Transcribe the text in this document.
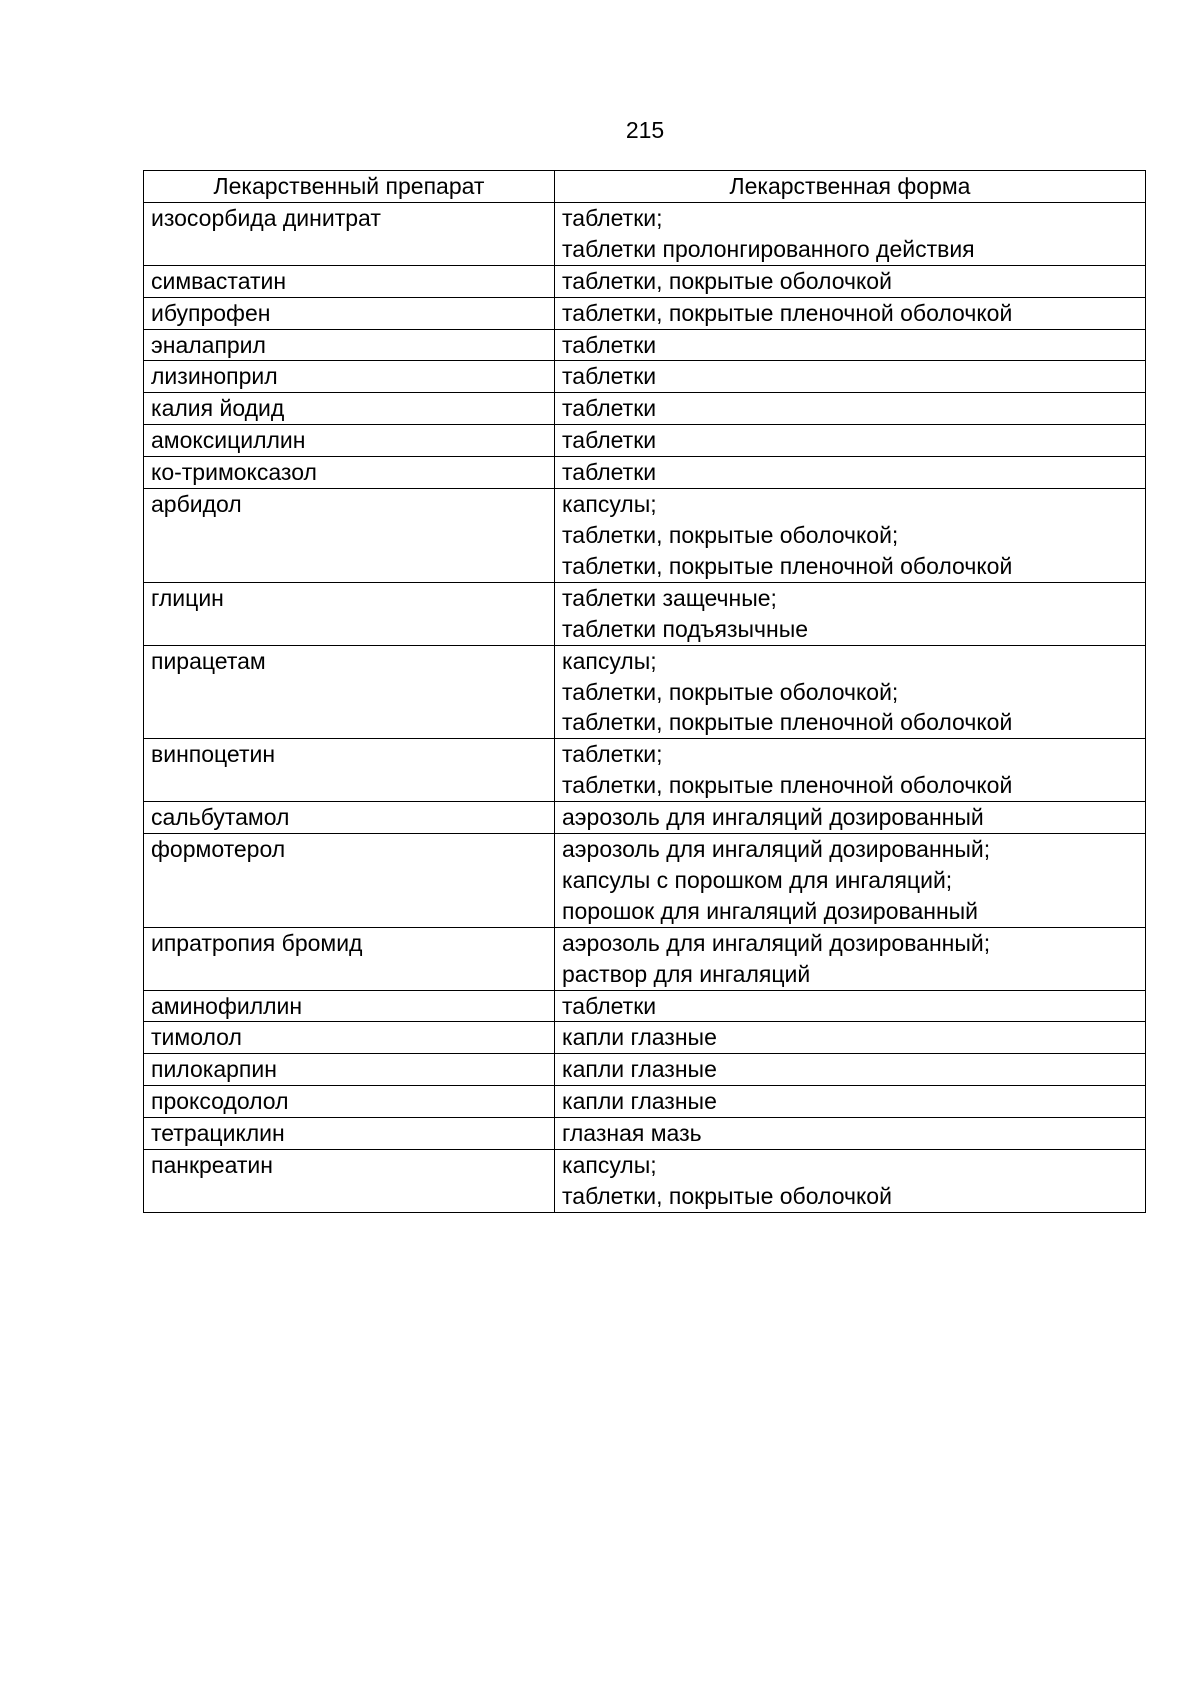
215
Лекарственный препарат	Лекарственная форма
изосорбида динитрат	таблетки;
таблетки пролонгированного действия

симвастатин	таблетки, покрытые оболочкой

ибупрофен	таблетки, покрытые пленочной оболочкой

эналаприл	таблетки

лизиноприл	таблетки

калия йодид	таблетки

амоксициллин	таблетки

ко-тримоксазол	таблетки

арбидол	капсулы;
таблетки, покрытые оболочкой;
таблетки, покрытые пленочной оболочкой

глицин	таблетки защечные;
таблетки подъязычные

пирацетам	капсулы;
таблетки, покрытые оболочкой;
таблетки, покрытые пленочной оболочкой

винпоцетин	таблетки;
таблетки, покрытые пленочной оболочкой

сальбутамол	аэрозоль для ингаляций дозированный

формотерол	аэрозоль для ингаляций дозированный;
капсулы с порошком для ингаляций;
порошок для ингаляций дозированный

ипратропия бромид	аэрозоль для ингаляций дозированный;
раствор для ингаляций

аминофиллин	таблетки

тимолол	капли глазные

пилокарпин	капли глазные

проксодолол	капли глазные

тетрациклин	глазная мазь

панкреатин	капсулы;
таблетки, покрытые оболочкой
